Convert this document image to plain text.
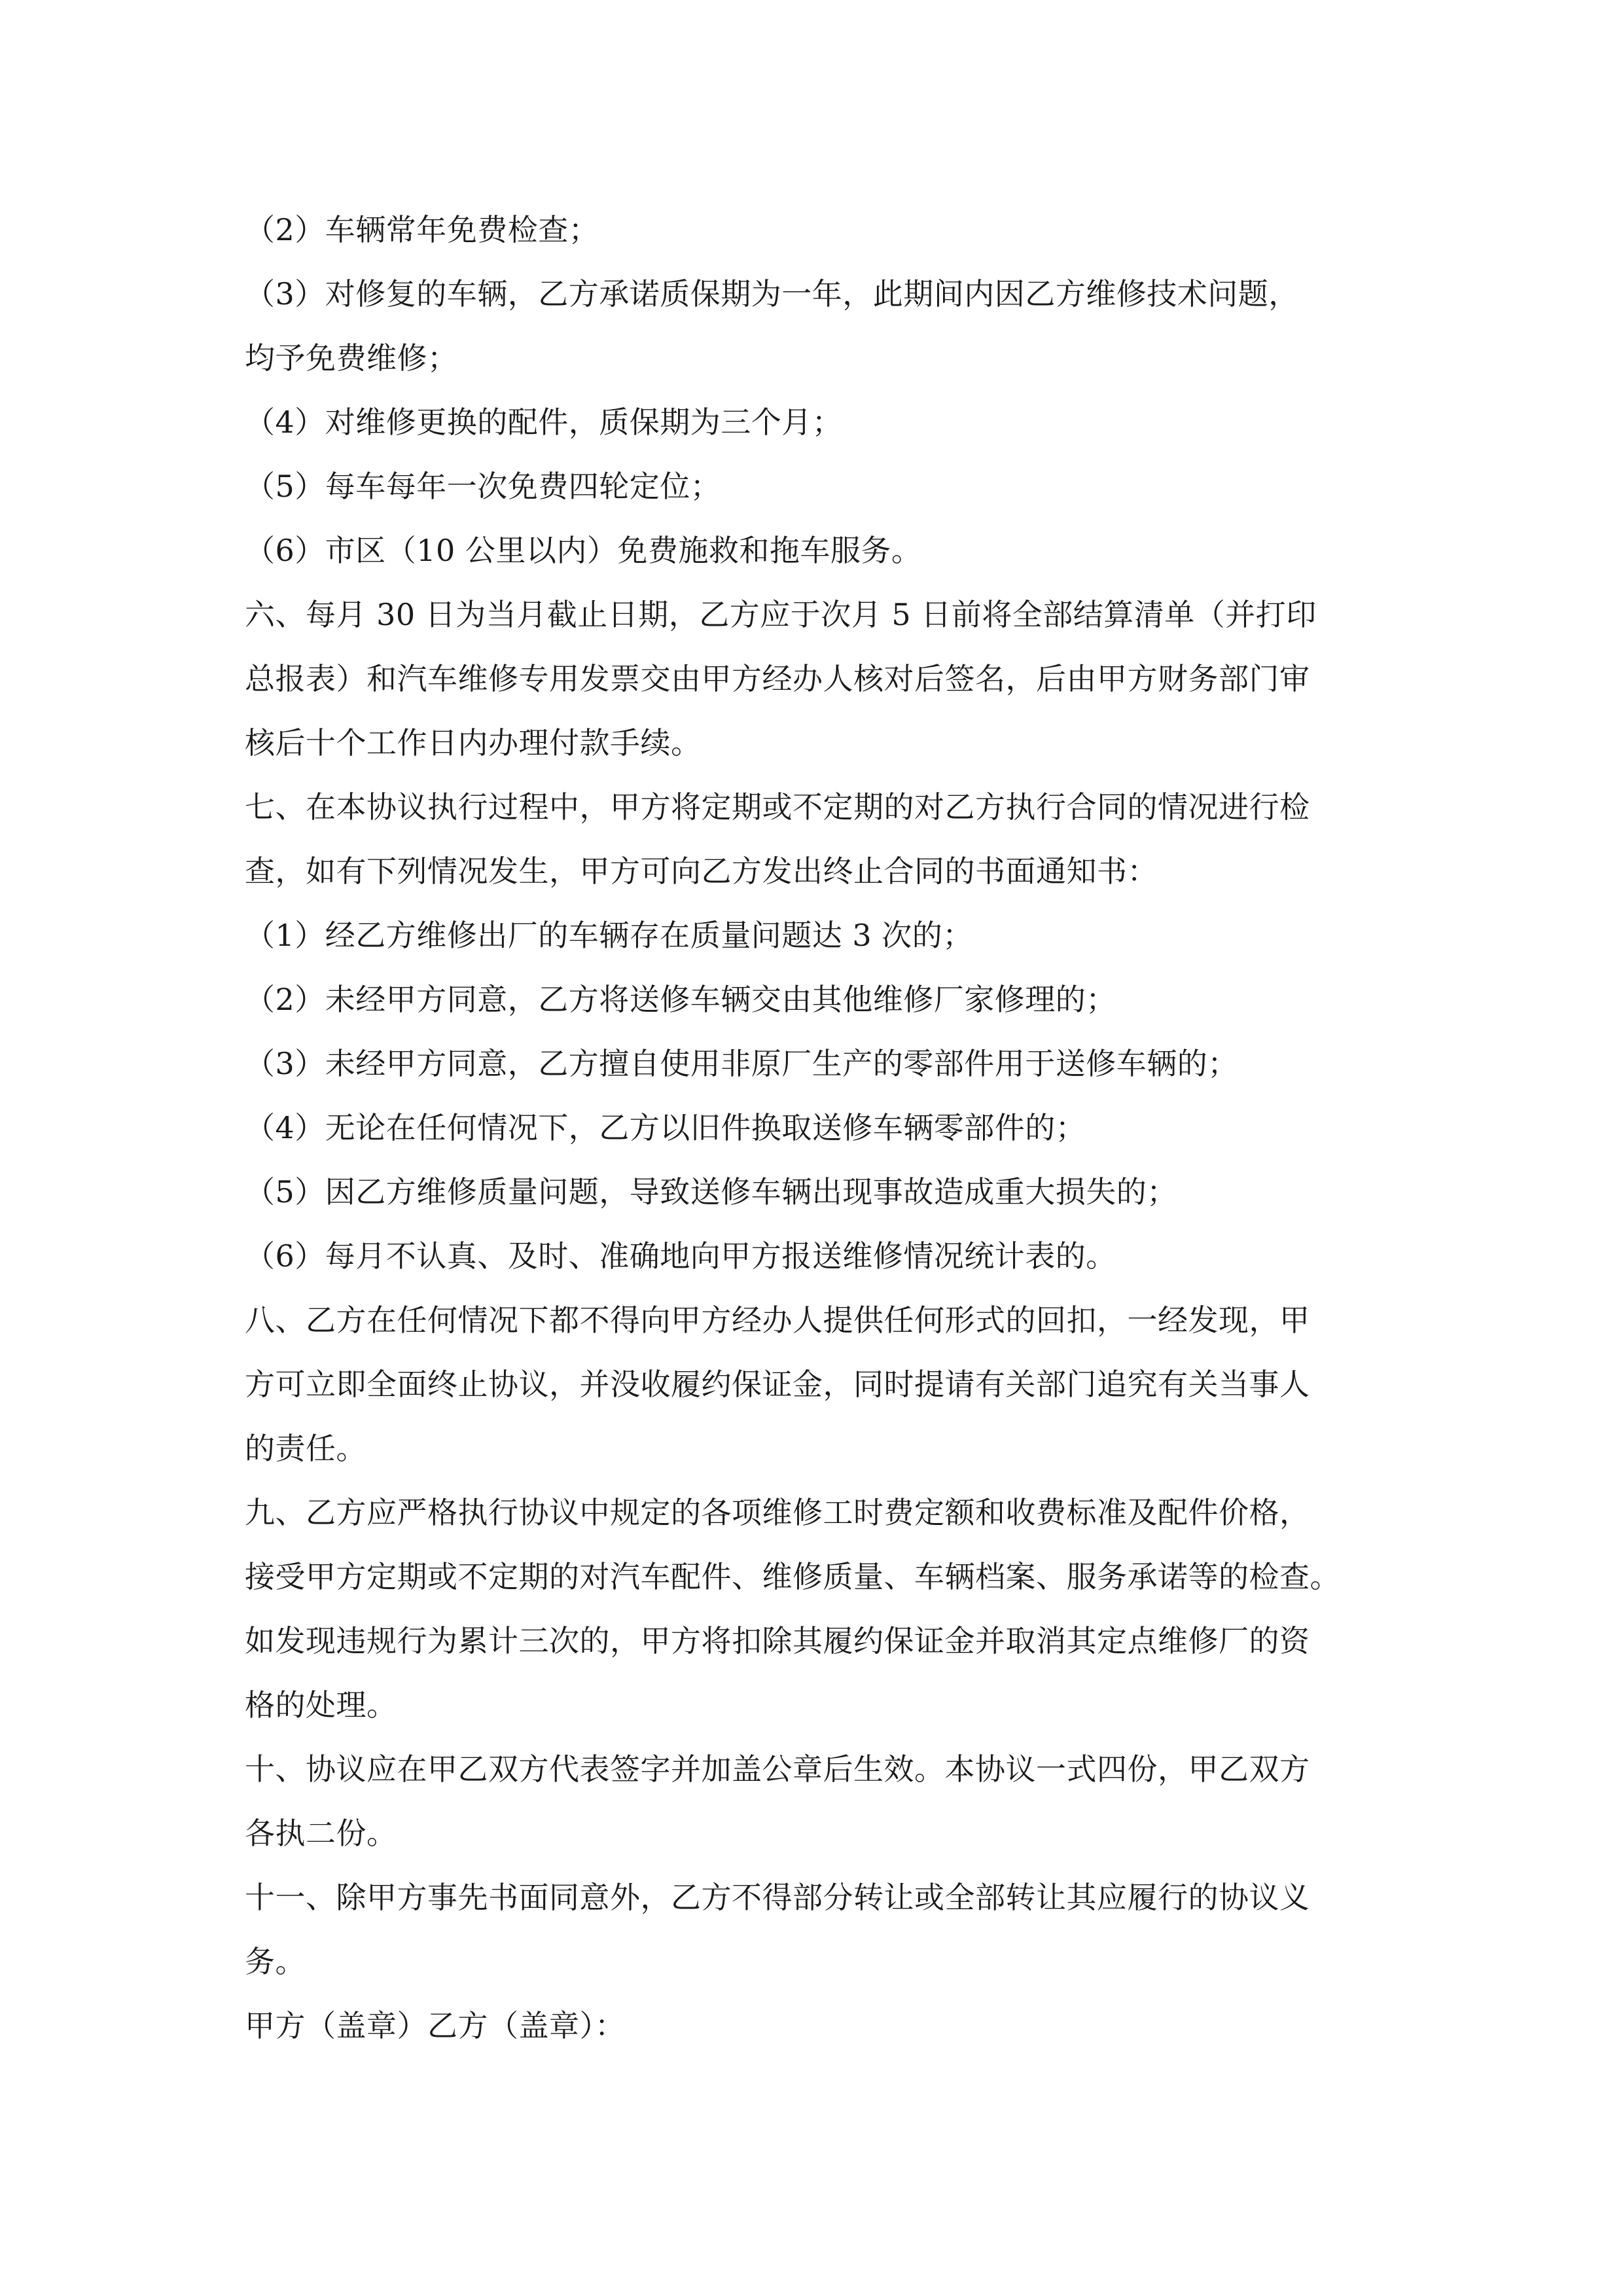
（2）车辆常年免费检查；
（3）对修复的车辆，乙方承诺质保期为一年，此期间内因乙方维修技术问题，
均予免费维修；
（4）对维修更换的配件，质保期为三个月；
（5）每车每年一次免费四轮定位；
（6）市区（10 公里以内）免费施救和拖车服务。
六、每月 30 日为当月截止日期，乙方应于次月 5 日前将全部结算清单（并打印
总报表）和汽车维修专用发票交由甲方经办人核对后签名，后由甲方财务部门审
核后十个工作日内办理付款手续。
七、在本协议执行过程中，甲方将定期或不定期的对乙方执行合同的情况进行检
查，如有下列情况发生，甲方可向乙方发出终止合同的书面通知书：
（1）经乙方维修出厂的车辆存在质量问题达 3 次的；
（2）未经甲方同意，乙方将送修车辆交由其他维修厂家修理的；
（3）未经甲方同意，乙方擅自使用非原厂生产的零部件用于送修车辆的；
（4）无论在任何情况下，乙方以旧件换取送修车辆零部件的；
（5）因乙方维修质量问题，导致送修车辆出现事故造成重大损失的；
（6）每月不认真、及时、准确地向甲方报送维修情况统计表的。
八、乙方在任何情况下都不得向甲方经办人提供任何形式的回扣，一经发现，甲
方可立即全面终止协议，并没收履约保证金，同时提请有关部门追究有关当事人
的责任。
九、乙方应严格执行协议中规定的各项维修工时费定额和收费标准及配件价格，
接受甲方定期或不定期的对汽车配件、维修质量、车辆档案、服务承诺等的检查。
如发现违规行为累计三次的，甲方将扣除其履约保证金并取消其定点维修厂的资
格的处理。
十、协议应在甲乙双方代表签字并加盖公章后生效。本协议一式四份，甲乙双方
各执二份。
十一、除甲方事先书面同意外，乙方不得部分转让或全部转让其应履行的协议义
务。
甲方（盖章）乙方（盖章）：
